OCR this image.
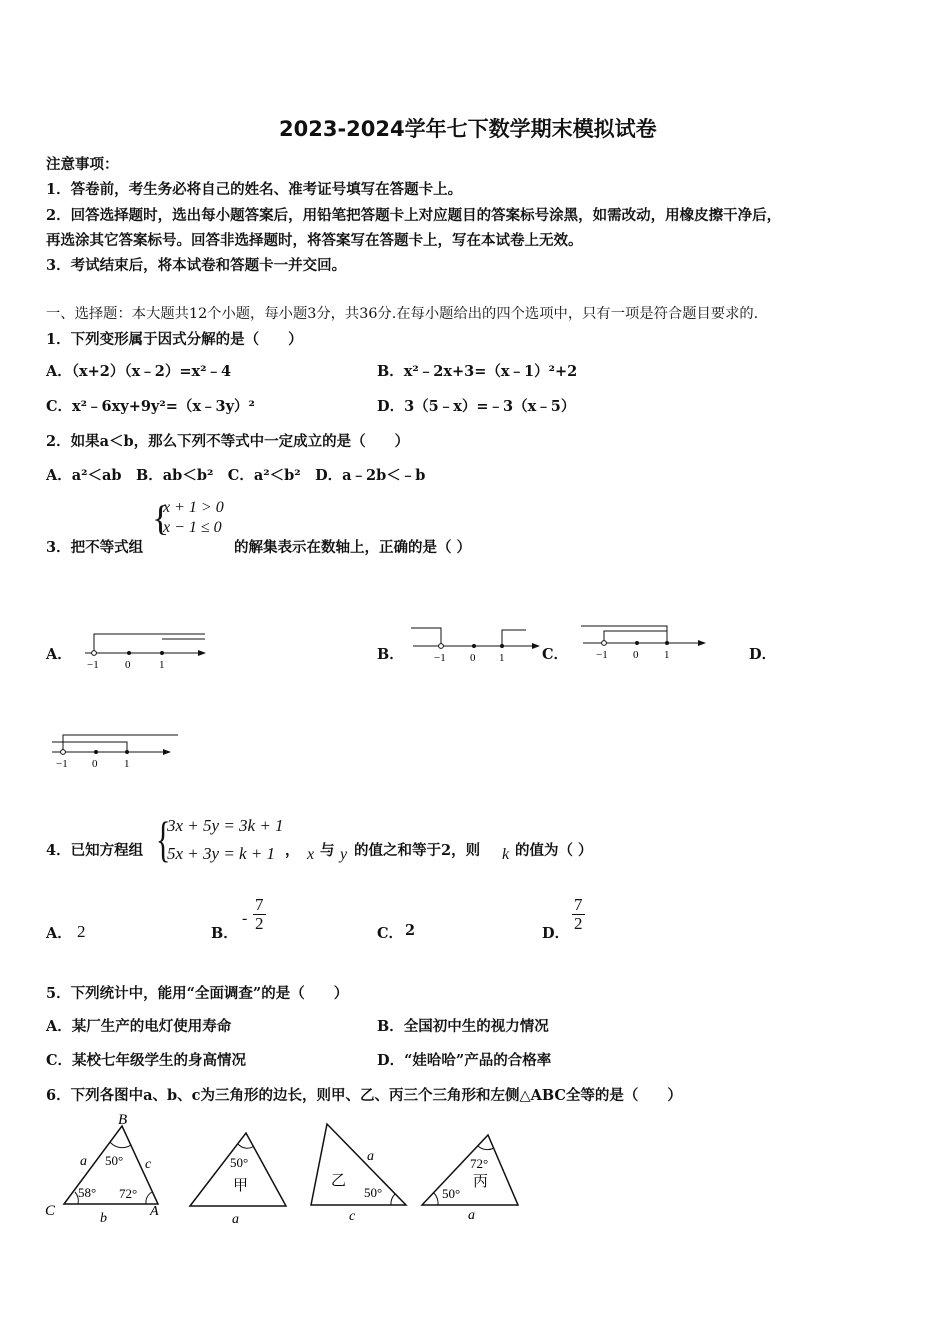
2023-2024学年七下数学期末模拟试卷
注意事项：
1．答卷前，考生务必将自己的姓名、准考证号填写在答题卡上。
2．回答选择题时，选出每小题答案后，用铅笔把答题卡上对应题目的答案标号涂黑，如需改动，用橡皮擦干净后，
再选涂其它答案标号。回答非选择题时，将答案写在答题卡上，写在本试卷上无效。
3．考试结束后，将本试卷和答题卡一并交回。
一、选择题：本大题共12个小题，每小题3分，共36分.在每小题给出的四个选项中，只有一项是符合题目要求的.
1．下列变形属于因式分解的是（　　）
A．（x+2）（x﹣2）=x²﹣4	B．x²﹣2x+3=（x﹣1）²+2
C．x²﹣6xy+9y²=（x﹣3y）²	D．3（5﹣x）=﹣3（x﹣5）
2．如果a＜b，那么下列不等式中一定成立的是（　　）
A．a²＜ab　B．ab＜b²　C．a²＜b²　D．a﹣2b＜﹣b
{
x + 1 > 0
x − 1 ≤ 0
3．把不等式组	的解集表示在数轴上，正确的是（ ）
A．	B．	C．	D．
−1 0	1
−1 0 1	−1 0 1
−1 0 1
4．已知方程组 {
3x + 5y = 3k + 1
5x + 3y = k + 1 ， x 与 y 的值之和等于2，则 k 的值为（ ）
A． 2	B．
- $\frac{7}{2}$
C． 2	D．
$\frac{7}{2}$
5．下列统计中，能用“全面调查”的是（　　）
A．某厂生产的电灯使用寿命	B．全国初中生的视力情况
C．某校七年级学生的身高情况	D．“娃哈哈”产品的合格率
6．下列各图中a、b、c为三角形的边长，则甲、乙、丙三个三角形和左侧△ABC全等的是（　　）
B
C	A
a	c
b
50°
58° 72°
50°
甲
a
乙
a
50°
c
72°
丙
50°
a
